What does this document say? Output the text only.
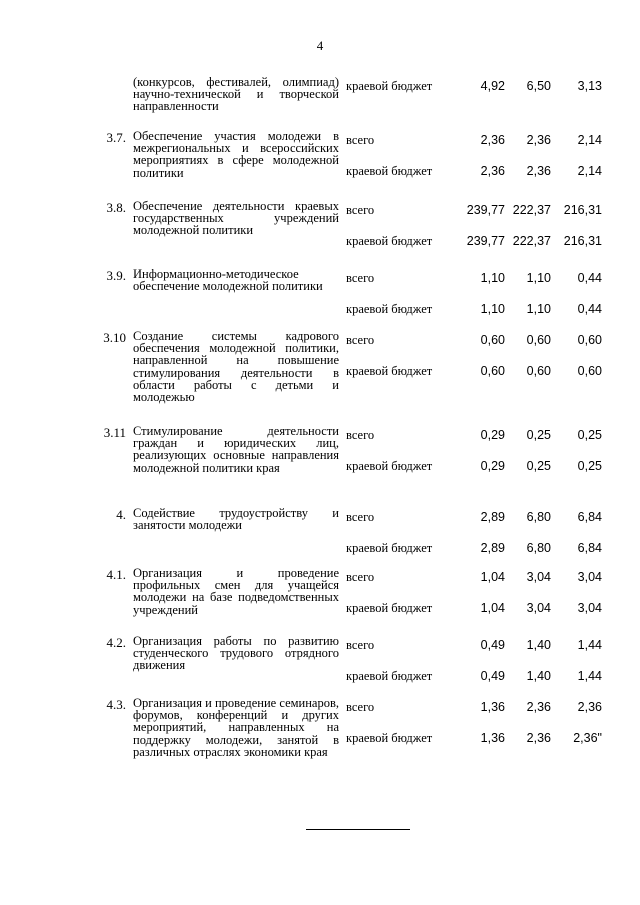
4
(конкурсов, фестивалей, олимпиад) научно-технической и творческой направленности
краевой бюджет	4,92	6,50	3,13
3.7. Обеспечение участия молодежи в межрегиональных и всероссийских мероприятиях в сфере молодежной политики
всего	2,36	2,36	2,14
краевой бюджет	2,36	2,36	2,14
3.8. Обеспечение деятельности краевых государственных учреждений молодежной политики
всего	239,77 222,37	216,31
краевой бюджет	239,77 222,37	216,31
3.9. Информационно-методическое обеспечение молодежной политики
всего	1,10	1,10	0,44
краевой бюджет	1,10	1,10	0,44
3.10 Создание системы кадрового обеспечения молодежной политики, направленной на повышение стимулирования деятельности в области работы с детьми и молодежью
всего	0,60	0,60	0,60
краевой бюджет	0,60	0,60	0,60
3.11 Стимулирование деятельности граждан и юридических лиц, реализующих основные направления молодежной политики края
всего	0,29	0,25	0,25
краевой бюджет	0,29	0,25	0,25
4. Содействие трудоустройству и занятости молодежи
всего	2,89	6,80	6,84
краевой бюджет	2,89	6,80	6,84
4.1. Организация и проведение профильных смен для учащейся молодежи на базе подведомственных учреждений
всего	1,04	3,04	3,04
краевой бюджет	1,04	3,04	3,04
4.2. Организация работы по развитию студенческого трудового отрядного движения
всего	0,49	1,40	1,44
краевой бюджет	0,49	1,40	1,44
4.3. Организация и проведение семинаров, форумов, конференций и других мероприятий, направленных на поддержку молодежи, занятой в различных отраслях экономики края
всего	1,36	2,36	2,36
краевой бюджет	1,36	2,36	2,36"
